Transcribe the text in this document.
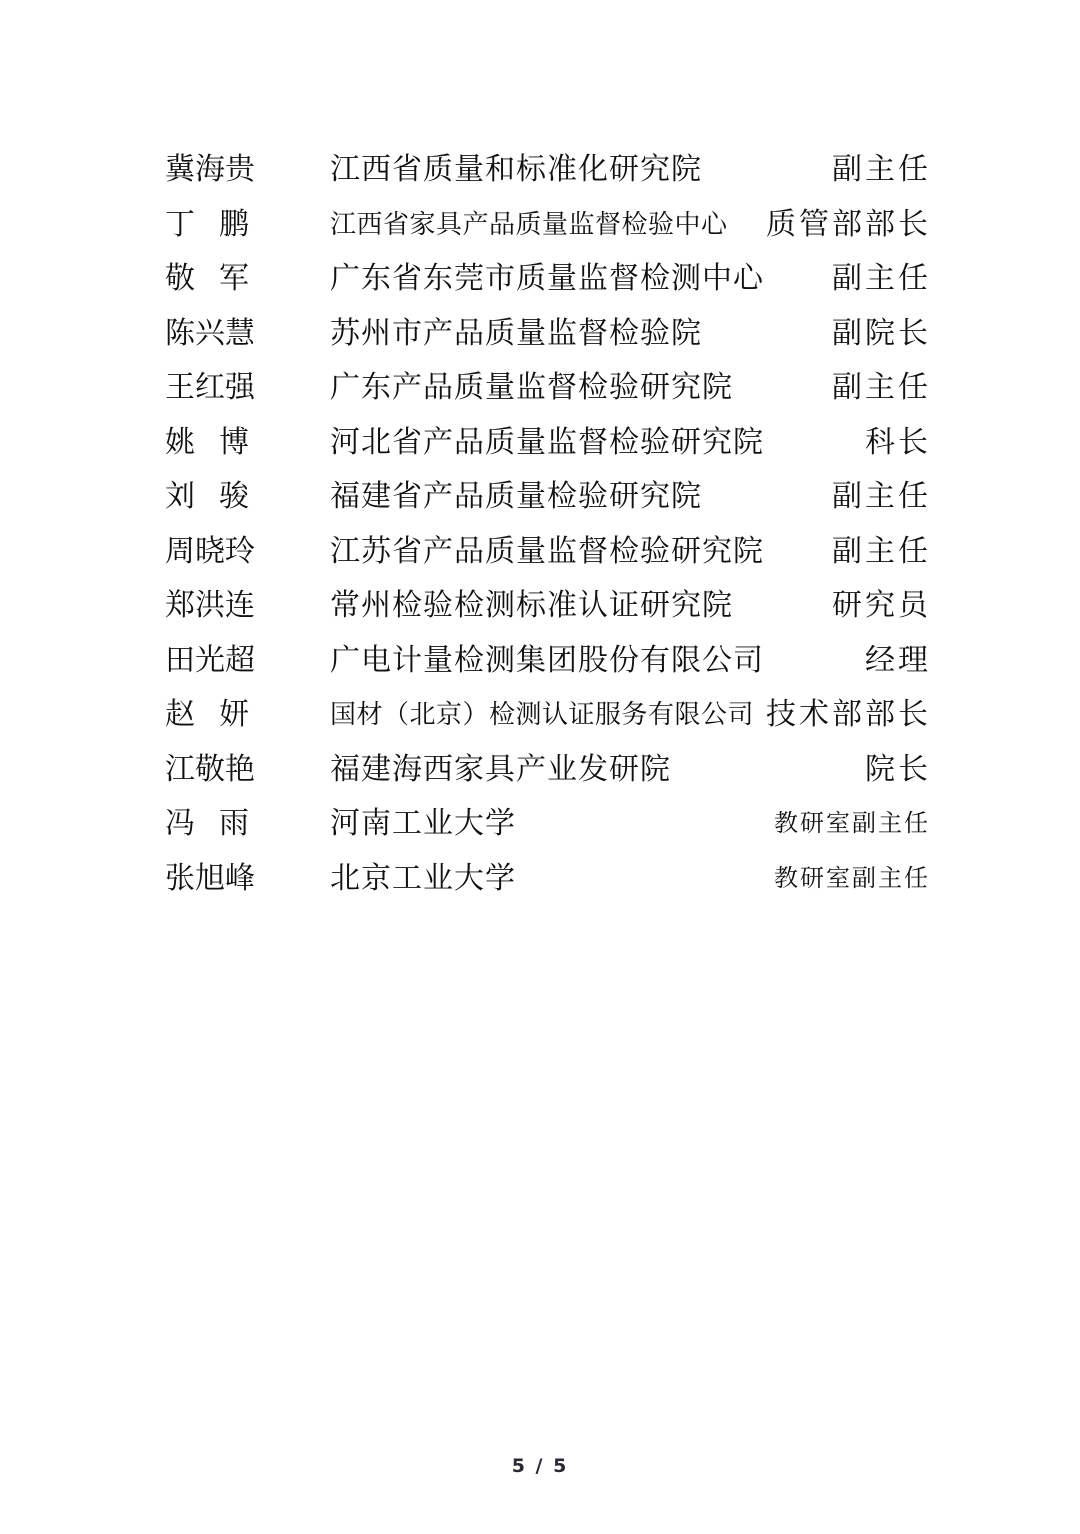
冀海贵	江西省质量和标准化研究院	副主任
丁鹏	江西省家具产品质量监督检验中心 质管部部长
敬军	广东省东莞市质量监督检测中心 副主任
陈兴慧	苏州市产品质量监督检验院	副院长
王红强	广东产品质量监督检验研究院	副主任
姚博	河北省产品质量监督检验研究院	科长
刘骏	福建省产品质量检验研究院	副主任
周晓玲	江苏省产品质量监督检验研究院 副主任
郑洪连	常州检验检测标准认证研究院	研究员
田光超	广电计量检测集团股份有限公司	经理
赵妍	国材（北京）检测认证服务有限公司 技术部部长
江敬艳	福建海西家具产业发研院	院长
冯雨	河南工业大学	教研室副主任
张旭峰	北京工业大学	教研室副主任
5 / 5
